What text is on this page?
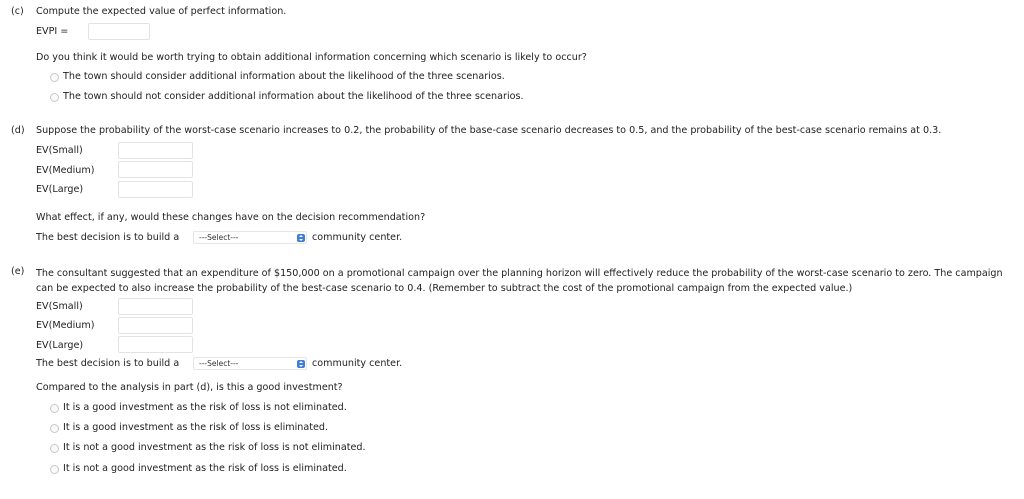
(c) Compute the expected value of perfect information.
EVPI =
Do you think it would be worth trying to obtain additional information concerning which scenario is likely to occur?
The town should consider additional information about the likelihood of the three scenarios.
The town should not consider additional information about the likelihood of the three scenarios.
(d) Suppose the probability of the worst-case scenario increases to 0.2, the probability of the base-case scenario decreases to 0.5, and the probability of the best-case scenario remains at 0.3.
EV(Small)
EV(Medium)
EV(Large)
What effect, if any, would these changes have on the decision recommendation?
The best decision is to build a	---Select---	community center.
(e) The consultant suggested that an expenditure of $150,000 on a promotional campaign over the planning horizon will effectively reduce the probability of the worst-case scenario to zero. The campaign can be expected to also increase the probability of the best-case scenario to 0.4. (Remember to subtract the cost of the promotional campaign from the expected value.)
EV(Small)
EV(Medium)
EV(Large)
The best decision is to build a	---Select---	community center.
Compared to the analysis in part (d), is this a good investment?
It is a good investment as the risk of loss is not eliminated.
It is a good investment as the risk of loss is eliminated.
It is not a good investment as the risk of loss is not eliminated.
It is not a good investment as the risk of loss is eliminated.
